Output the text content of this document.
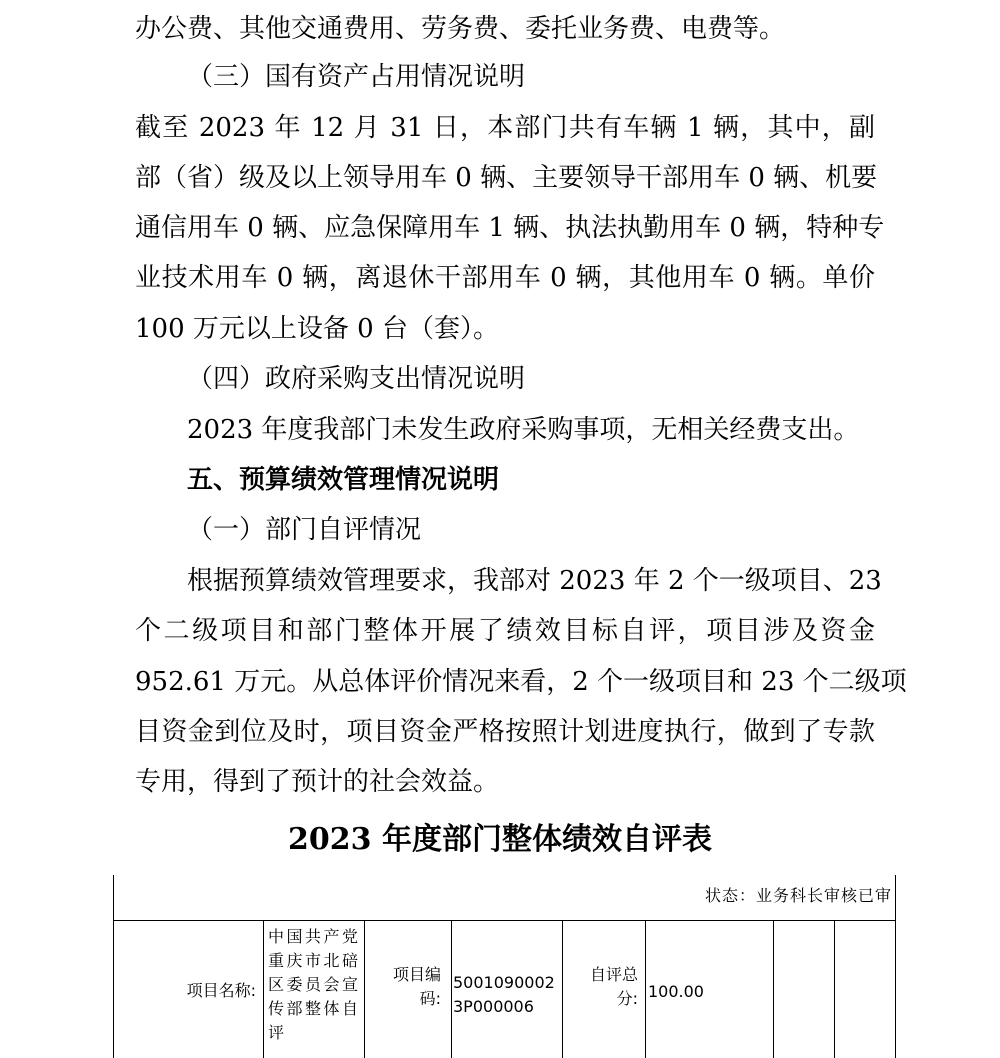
办公费、其他交通费用、劳务费、委托业务费、电费等。
（三）国有资产占用情况说明
截至 2023 年 12 月 31 日，本部门共有车辆 1 辆，其中，副
部（省）级及以上领导用车 0 辆、主要领导干部用车 0 辆、机要
通信用车 0 辆、应急保障用车 1 辆、执法执勤用车 0 辆，特种专
业技术用车 0 辆，离退休干部用车 0 辆，其他用车 0 辆。单价
100 万元以上设备 0 台（套）。
（四）政府采购支出情况说明
2023 年度我部门未发生政府采购事项，无相关经费支出。
五、预算绩效管理情况说明
（一）部门自评情况
根据预算绩效管理要求，我部对 2023 年 2 个一级项目、23
个二级项目和部门整体开展了绩效目标自评，项目涉及资金
952.61 万元。从总体评价情况来看，2 个一级项目和 23 个二级项
目资金到位及时，项目资金严格按照计划进度执行，做到了专款
专用，得到了预计的社会效益。
2023 年度部门整体绩效自评表
状态：业务科长审核已审
项目名称:
中国共产党重庆市北碚区委员会宣传部整体自评
项目编码:
50010900023P000006
自评总分: 100.00
